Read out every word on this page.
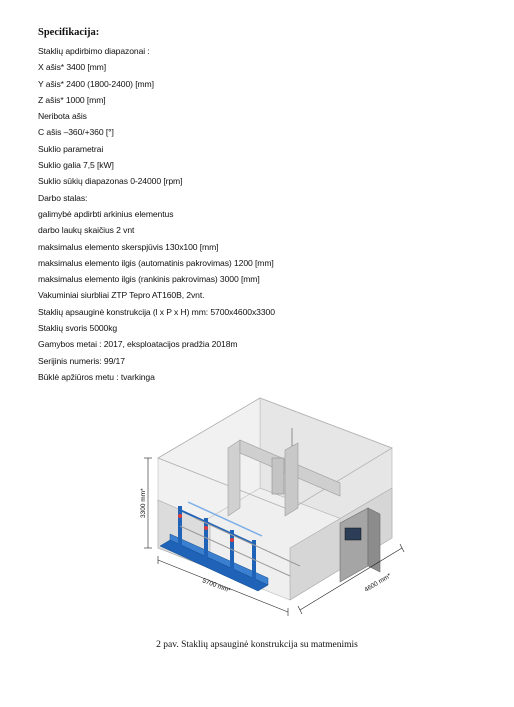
Specifikacija:
Staklių apdirbimo diapazonai :
X ašis* 3400 [mm]
Y ašis* 2400 (1800-2400) [mm]
Z ašis* 1000 [mm]
Neribota ašis
C ašis –360/+360 [°]
Suklio parametrai
Suklio galia 7,5 [kW]
Suklio sūkių diapazonas 0-24000 [rpm]
Darbo stalas:
galimybė apdirbti arkinius elementus
darbo laukų skaičius 2 vnt
maksimalus elemento skerspjūvis 130x100 [mm]
maksimalus elemento ilgis (automatinis pakrovimas) 1200 [mm]
maksimalus elemento ilgis (rankinis pakrovimas) 3000 [mm]
Vakuminiai siurbliai ZTP Tepro AT160B, 2vnt.
Staklių apsauginė konstrukcija (l x P x H) mm: 5700x4600x3300
Staklių svoris 5000kg
Gamybos metai : 2017, eksploatacijos pradžia 2018m
Serijinis numeris: 99/17
Būklė apžiūros metu : tvarkinga
3300 mm*
5700 mm*	4600 mm*
2 pav. Staklių apsauginė konstrukcija su matmenimis
